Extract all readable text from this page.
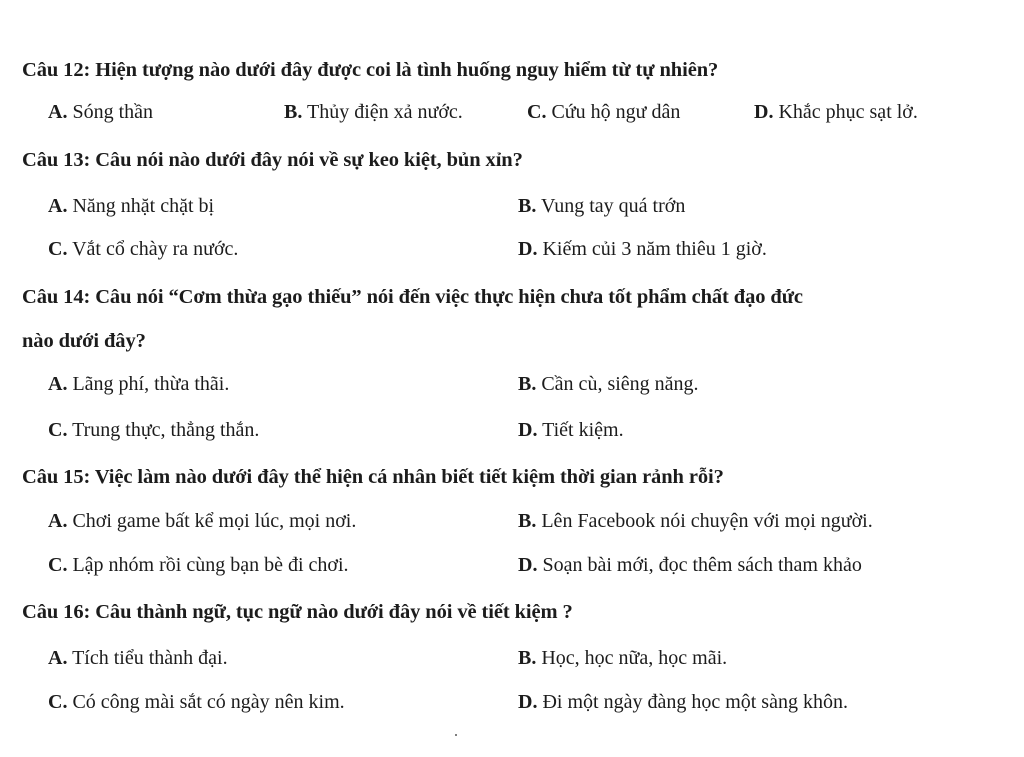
Câu 12: Hiện tượng nào dưới đây được coi là tình huống nguy hiểm từ tự nhiên?
A. Sóng thần	B. Thủy điện xả nước.	C. Cứu hộ ngư dân	D. Khắc phục sạt lở.
Câu 13: Câu nói nào dưới đây nói về sự keo kiệt, bủn xỉn?
A. Năng nhặt chặt bị	B. Vung tay quá trớn
C. Vắt cổ chày ra nước.	D. Kiếm củi 3 năm thiêu 1 giờ.
Câu 14: Câu nói “Cơm thừa gạo thiếu” nói đến việc thực hiện chưa tốt phẩm chất đạo đức
nào dưới đây?
A. Lãng phí, thừa thãi.	B. Cần cù, siêng năng.
C. Trung thực, thẳng thắn.	D. Tiết kiệm.
Câu 15: Việc làm nào dưới đây thể hiện cá nhân biết tiết kiệm thời gian rảnh rỗi?
A. Chơi game bất kể mọi lúc, mọi nơi.	B. Lên Facebook nói chuyện với mọi người.
C. Lập nhóm rồi cùng bạn bè đi chơi.	D. Soạn bài mới, đọc thêm sách tham khảo
Câu 16: Câu thành ngữ, tục ngữ nào dưới đây nói về tiết kiệm ?
A. Tích tiểu thành đại.	B. Học, học nữa, học mãi.
C. Có công mài sắt có ngày nên kim.	D. Đi một ngày đàng học một sàng khôn.
